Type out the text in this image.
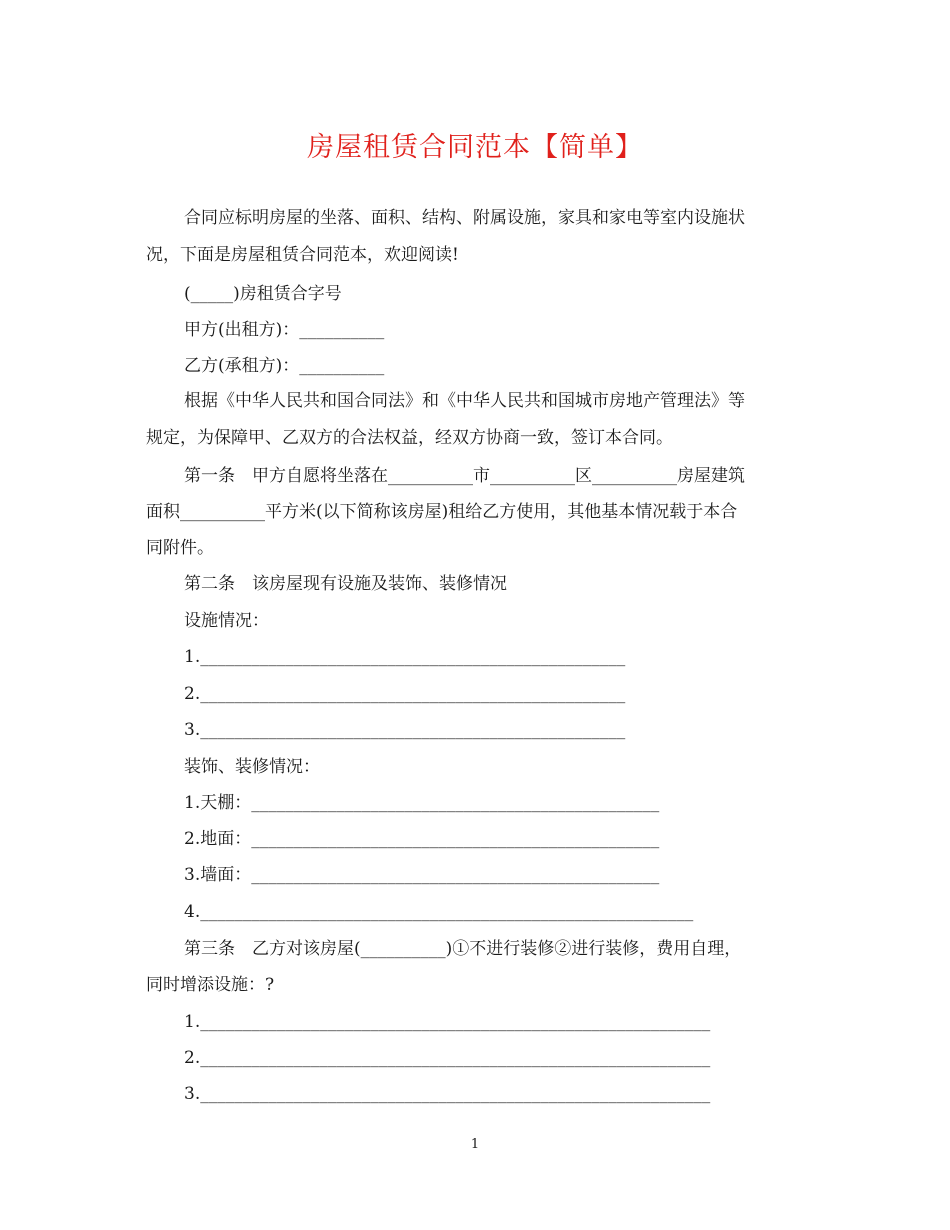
房屋租赁合同范本【简单】
合同应标明房屋的坐落、面积、结构、附属设施，家具和家电等室内设施状
况，下面是房屋租赁合同范本，欢迎阅读!
(_____)房租赁合字号
甲方(出租方)：__________
乙方(承租方)：__________
根据《中华人民共和国合同法》和《中华人民共和国城市房地产管理法》等
规定，为保障甲、乙双方的合法权益，经双方协商一致，签订本合同。
第一条　甲方自愿将坐落在__________市__________区__________房屋建筑
面积__________平方米(以下简称该房屋)租给乙方使用，其他基本情况载于本合
同附件。
第二条　该房屋现有设施及装饰、装修情况
设施情况：
1.__________________________________________________
2.__________________________________________________
3.__________________________________________________
装饰、装修情况：
1.天棚：________________________________________________
2.地面：________________________________________________
3.墙面：________________________________________________
4.__________________________________________________________
第三条　乙方对该房屋(__________)①不进行装修②进行装修，费用自理，
同时增添设施：?
1.____________________________________________________________
2.____________________________________________________________
3.____________________________________________________________
1
